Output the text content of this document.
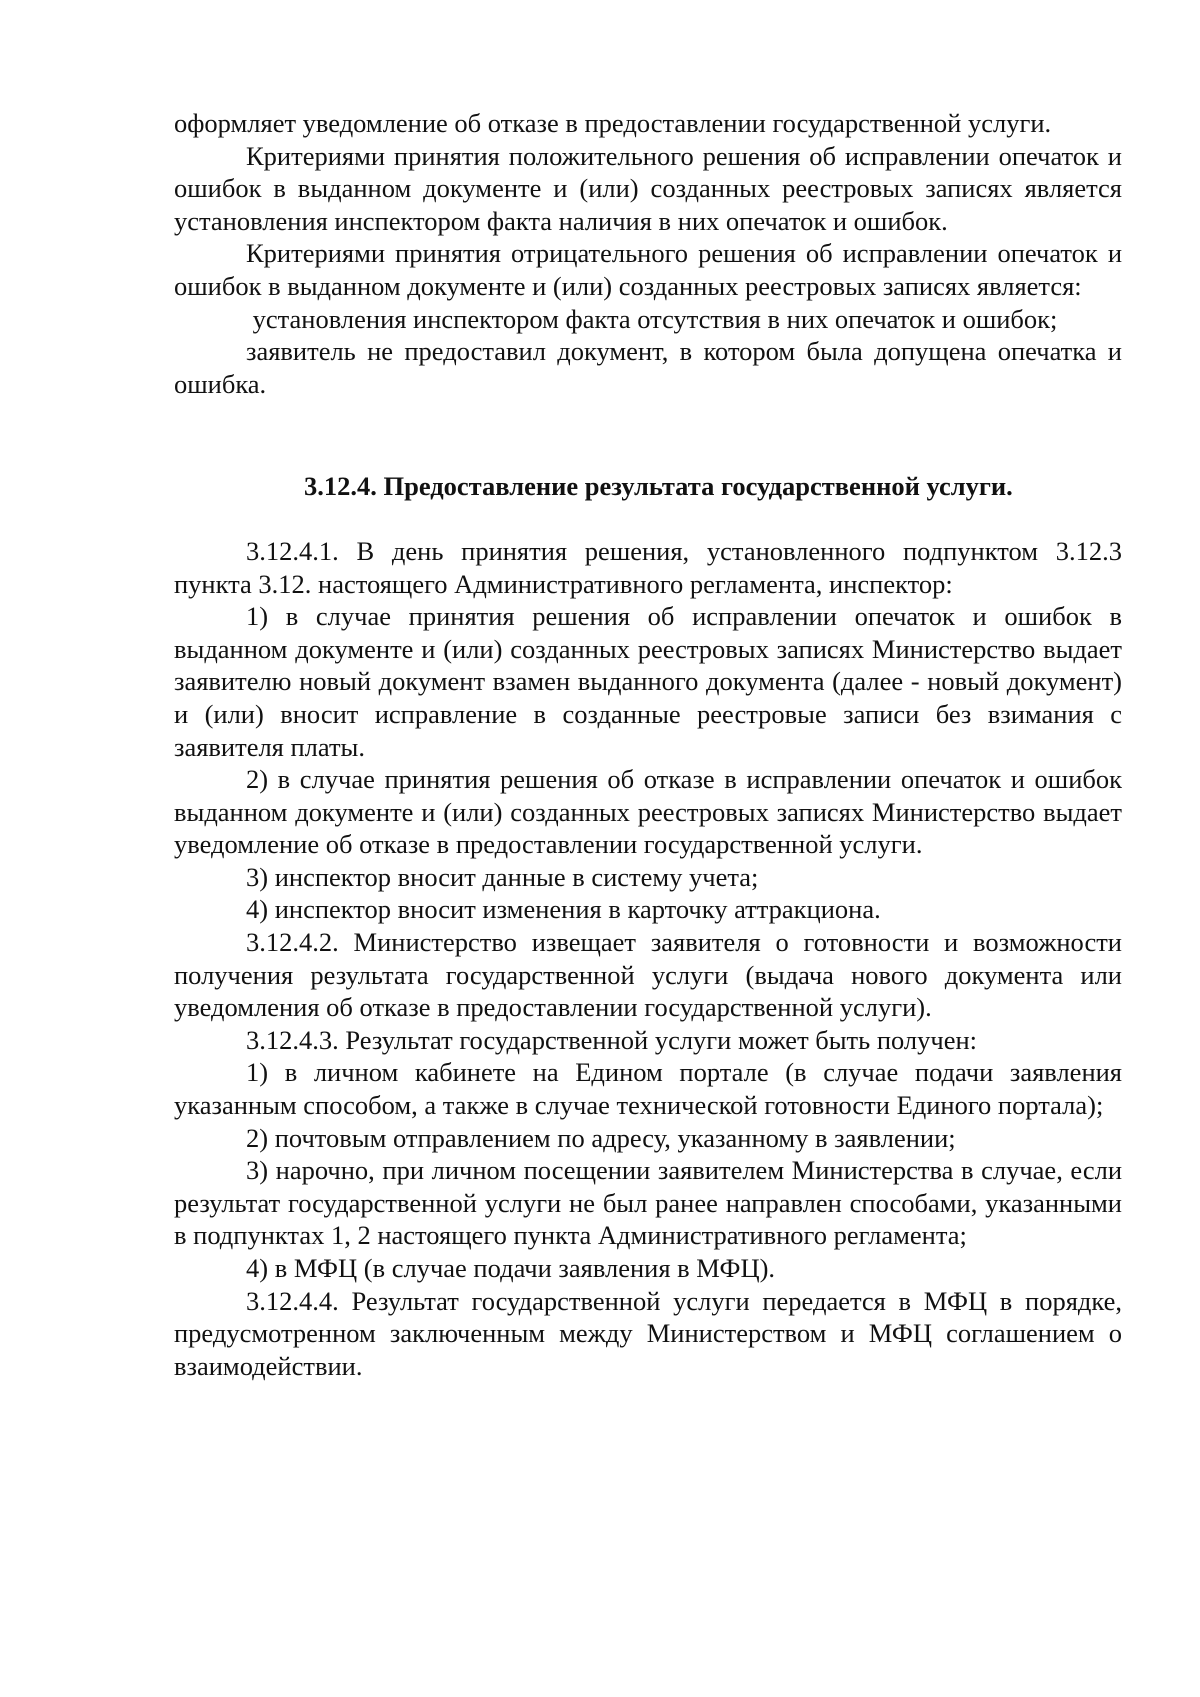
оформляет уведомление об отказе в предоставлении государственной услуги.

Критериями принятия положительного решения об исправлении опечаток и ошибок в выданном документе и (или) созданных реестровых записях является установления инспектором факта наличия в них опечаток и ошибок.

Критериями принятия отрицательного решения об исправлении опечаток и ошибок в выданном документе и (или) созданных реестровых записях является:

установления инспектором факта отсутствия в них опечаток и ошибок;

заявитель не предоставил документ, в котором была допущена опечатка и ошибка.

3.12.4. Предоставление результата государственной услуги.

3.12.4.1. В день принятия решения, установленного подпунктом 3.12.3 пункта 3.12. настоящего Административного регламента, инспектор:

1) в случае принятия решения об исправлении опечаток и ошибок в выданном документе и (или) созданных реестровых записях Министерство выдает заявителю новый документ взамен выданного документа (далее - новый документ) и (или) вносит исправление в созданные реестровые записи без взимания с заявителя платы.

2) в случае принятия решения об отказе в исправлении опечаток и ошибок выданном документе и (или) созданных реестровых записях Министерство выдает уведомление об отказе в предоставлении государственной услуги.

3) инспектор вносит данные в систему учета;

4) инспектор вносит изменения в карточку аттракциона.

3.12.4.2. Министерство извещает заявителя о готовности и возможности получения результата государственной услуги (выдача нового документа или уведомления об отказе в предоставлении государственной услуги).

3.12.4.3. Результат государственной услуги может быть получен:

1) в личном кабинете на Едином портале (в случае подачи заявления указанным способом, а также в случае технической готовности Единого портала);

2) почтовым отправлением по адресу, указанному в заявлении;

3) нарочно, при личном посещении заявителем Министерства в случае, если результат государственной услуги не был ранее направлен способами, указанными в подпунктах 1, 2 настоящего пункта Административного регламента;

4) в МФЦ (в случае подачи заявления в МФЦ).

3.12.4.4. Результат государственной услуги передается в МФЦ в порядке, предусмотренном заключенным между Министерством и МФЦ соглашением о взаимодействии.
